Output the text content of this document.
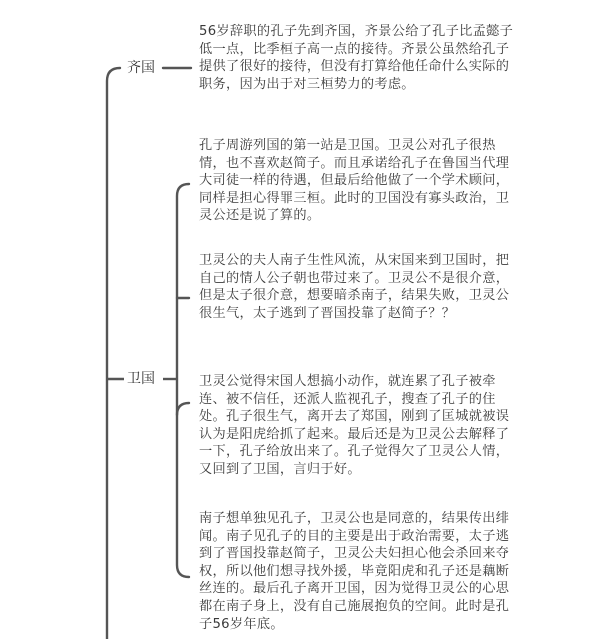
齐国
卫国
56岁辞职的孔子先到齐国，齐景公给了孔子比孟懿子低一点，比季桓子高一点的接待。齐景公虽然给孔子提供了很好的接待，但没有打算给他任命什么实际的职务，因为出于对三桓势力的考虑。
孔子周游列国的第一站是卫国。卫灵公对孔子很热情，也不喜欢赵简子。而且承诺给孔子在鲁国当代理大司徒一样的待遇，但最后给他做了一个学术顾问，同样是担心得罪三桓。此时的卫国没有寡头政治，卫灵公还是说了算的。
卫灵公的夫人南子生性风流，从宋国来到卫国时，把自己的情人公子朝也带过来了。卫灵公不是很介意，但是太子很介意，想要暗杀南子，结果失败，卫灵公很生气，太子逃到了晋国投靠了赵简子？？
卫灵公觉得宋国人想搞小动作，就连累了孔子被牵连、被不信任，还派人监视孔子，搜查了孔子的住处。孔子很生气，离开去了郑国，刚到了匡城就被误认为是阳虎给抓了起来。最后还是为卫灵公去解释了一下，孔子给放出来了。孔子觉得欠了卫灵公人情，又回到了卫国，言归于好。
南子想单独见孔子，卫灵公也是同意的，结果传出绯闻。南子见孔子的目的主要是出于政治需要，太子逃到了晋国投靠赵简子，卫灵公夫妇担心他会杀回来夺权，所以他们想寻找外援，毕竟阳虎和孔子还是藕断丝连的。最后孔子离开卫国，因为觉得卫灵公的心思都在南子身上，没有自己施展抱负的空间。此时是孔子56岁年底。
